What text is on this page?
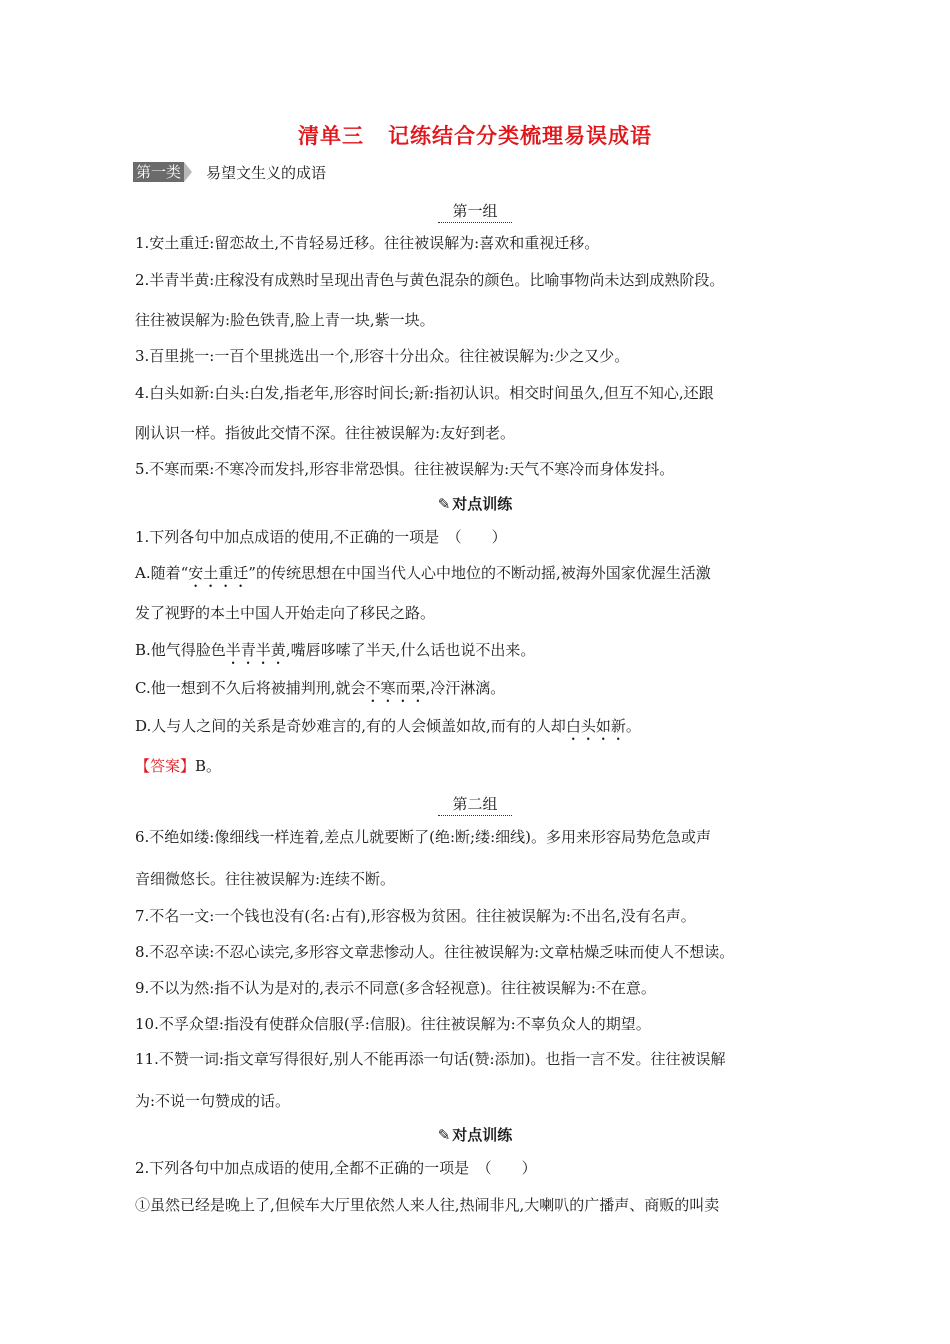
清单三 记练结合分类梳理易误成语
第一类 易望文生义的成语
第一组
1.安土重迁:留恋故土,不肯轻易迁移。往往被误解为:喜欢和重视迁移。
2.半青半黄:庄稼没有成熟时呈现出青色与黄色混杂的颜色。比喻事物尚未达到成熟阶段。
往往被误解为:脸色铁青,脸上青一块,紫一块。
3.百里挑一:一百个里挑选出一个,形容十分出众。往往被误解为:少之又少。
4.白头如新:白头:白发,指老年,形容时间长;新:指初认识。相交时间虽久,但互不知心,还跟
刚认识一样。指彼此交情不深。往往被误解为:友好到老。
5.不寒而栗:不寒冷而发抖,形容非常恐惧。往往被误解为:天气不寒冷而身体发抖。
✎ 对点训练
1.下列各句中加点成语的使用,不正确的一项是　（　　）
A.随着“安土重迁”的传统思想在中国当代人心中地位的不断动摇,被海外国家优渥生活激
发了视野的本土中国人开始走向了移民之路。
B.他气得脸色半青半黄,嘴唇哆嗦了半天,什么话也说不出来。
C.他一想到不久后将被捕判刑,就会不寒而栗,冷汗淋漓。
D.人与人之间的关系是奇妙难言的,有的人会倾盖如故,而有的人却白头如新。
【答案】B。
第二组
6.不绝如缕:像细线一样连着,差点儿就要断了(绝:断;缕:细线)。多用来形容局势危急或声
音细微悠长。往往被误解为:连续不断。
7.不名一文:一个钱也没有(名:占有),形容极为贫困。往往被误解为:不出名,没有名声。
8.不忍卒读:不忍心读完,多形容文章悲惨动人。往往被误解为:文章枯燥乏味而使人不想读。
9.不以为然:指不认为是对的,表示不同意(多含轻视意)。往往被误解为:不在意。
10.不孚众望:指没有使群众信服(孚:信服)。往往被误解为:不辜负众人的期望。
11.不赞一词:指文章写得很好,别人不能再添一句话(赞:添加)。也指一言不发。往往被误解
为:不说一句赞成的话。
✎ 对点训练
2.下列各句中加点成语的使用,全都不正确的一项是　（　　）
①虽然已经是晚上了,但候车大厅里依然人来人往,热闹非凡,大喇叭的广播声、商贩的叫卖
